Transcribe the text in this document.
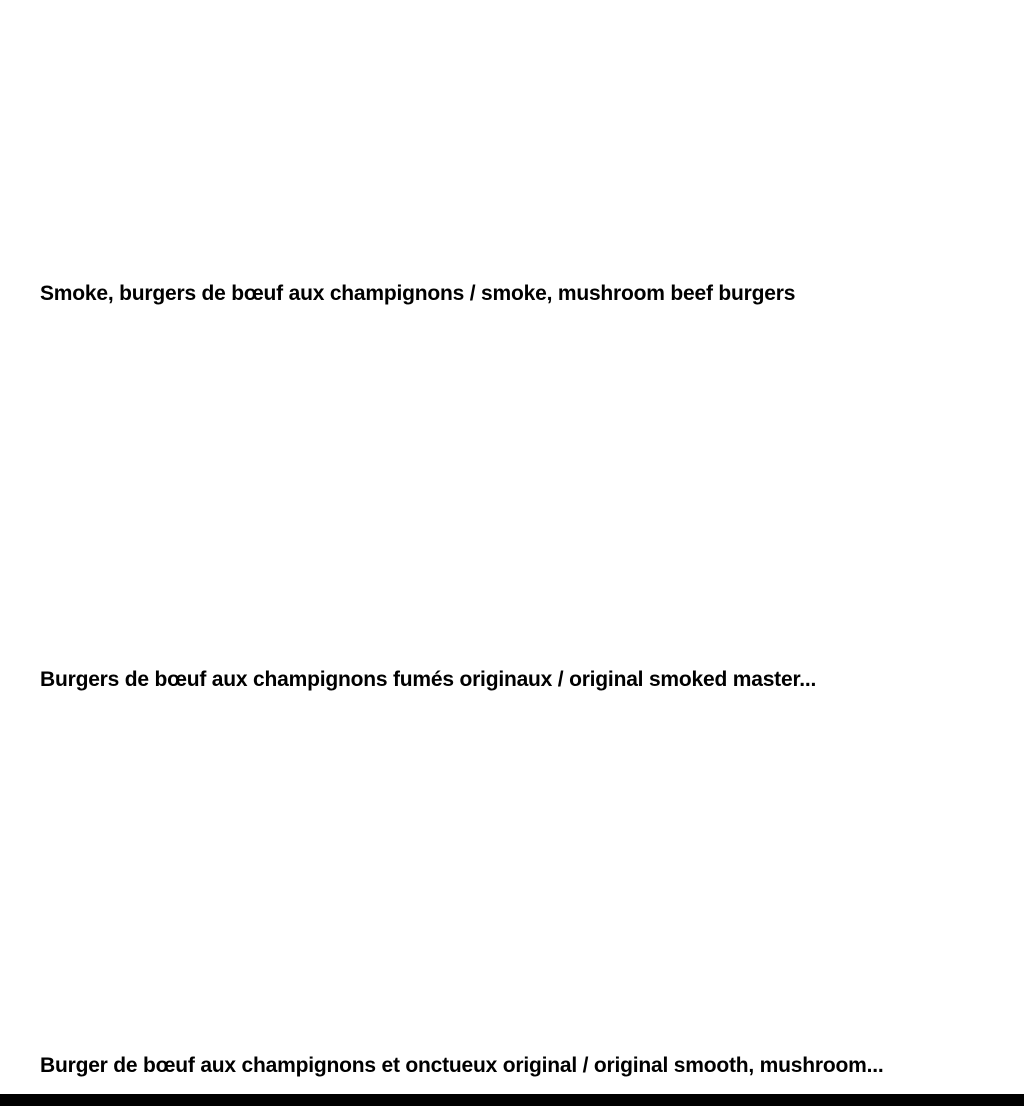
Smoke, burgers de bœuf aux champignons / smoke, mushroom beef burgers
Burgers de bœuf aux champignons fumés originaux / original smoked master...
Burger de bœuf aux champignons et onctueux original / original smooth, mushroom...
